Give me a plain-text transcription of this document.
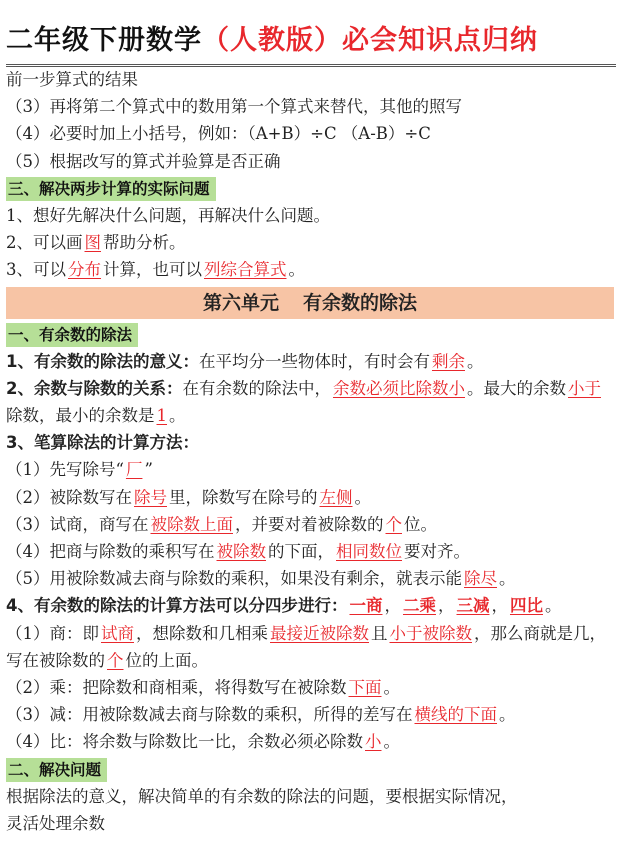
二年级下册数学（人教版）必会知识点归纳
前一步算式的结果
（3）再将第二个算式中的数用第一个算式来替代，其他的照写
（4）必要时加上小括号，例如：（A+B）÷C （A-B）÷C
（5）根据改写的算式并验算是否正确
三、解决两步计算的实际问题
1、想好先解决什么问题，再解决什么问题。
2、可以画 图 帮助分析。
3、可以 分布 计算，也可以 列综合算式 。
第六单元 有余数的除法
一、有余数的除法
1、有余数的除法的意义：在平均分一些物体时，有时会有 剩余 。
2、余数与除数的关系：在有余数的除法中， 余数必须比除数小 。最大的余数 小于除数，最小的余数是 1 。
3、笔算除法的计算方法：
（1）先写除号“ 厂 ”
（2）被除数写在 除号 里，除数写在除号的 左侧 。
（3）试商，商写在 被除数上面 ，并要对着被除数的 个 位。
（4）把商与除数的乘积写在 被除数 的下面， 相同数位 要对齐。
（5）用被除数减去商与除数的乘积，如果没有剩余，就表示能 除尽 。
4、有余数的除法的计算方法可以分四步进行： 一商 ， 二乘 ， 三减 ， 四比 。
（1）商：即 试商 ，想除数和几相乘 最接近被除数 且 小于被除数 ，那么商就是几，写在被除数的 个 位的上面。
（2）乘：把除数和商相乘，将得数写在被除数 下面 。
（3）减：用被除数减去商与除数的乘积，所得的差写在 横线的下面 。
（4）比：将余数与除数比一比，余数必须必除数 小 。
二、解决问题
根据除法的意义，解决简单的有余数的除法的问题，要根据实际情况，
灵活处理余数
